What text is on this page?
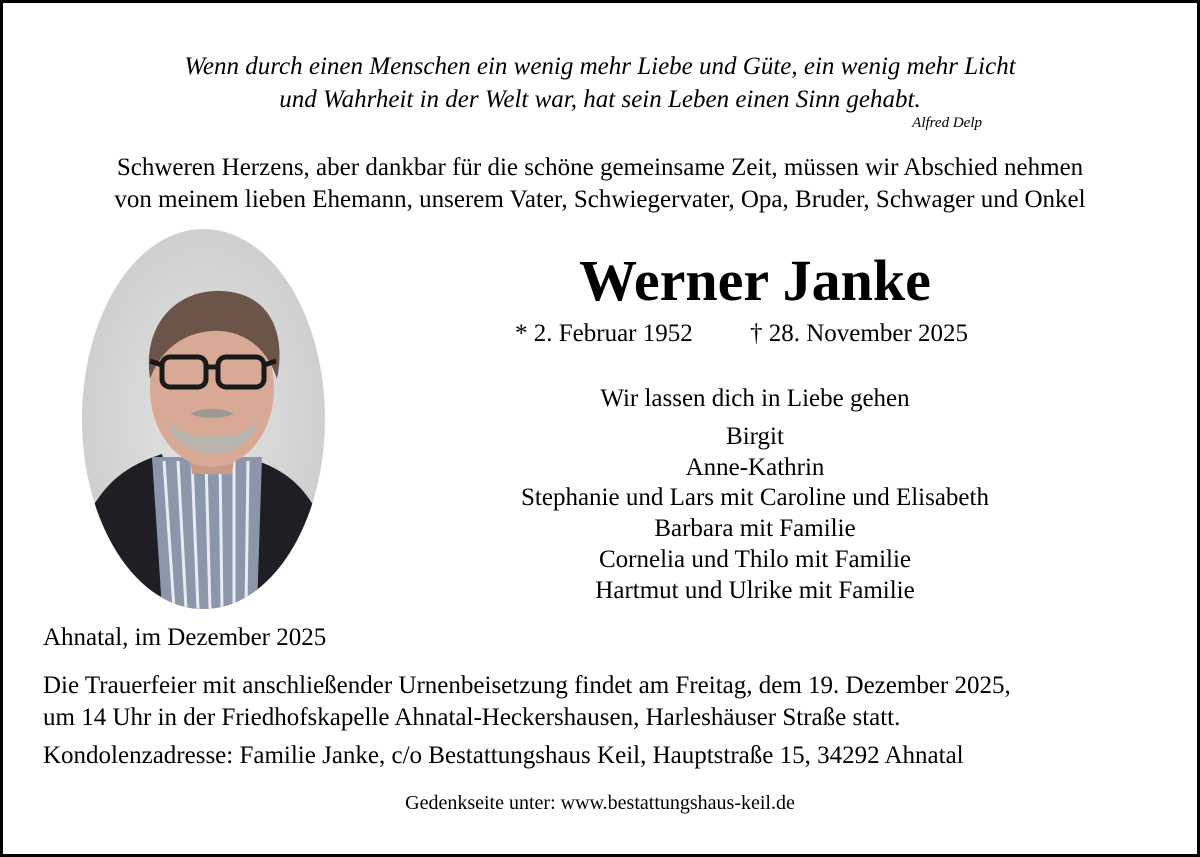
Wenn durch einen Menschen ein wenig mehr Liebe und Güte, ein wenig mehr Licht
und Wahrheit in der Welt war, hat sein Leben einen Sinn gehabt.
Alfred Delp
Schweren Herzens, aber dankbar für die schöne gemeinsame Zeit, müssen wir Abschied nehmen
von meinem lieben Ehemann, unserem Vater, Schwiegervater, Opa, Bruder, Schwager und Onkel
Werner Janke
* 2. Februar 1952 † 28. November 2025
Wir lassen dich in Liebe gehen
Birgit
Anne-Kathrin
Stephanie und Lars mit Caroline und Elisabeth
Barbara mit Familie
Cornelia und Thilo mit Familie
Hartmut und Ulrike mit Familie
Ahnatal, im Dezember 2025
Die Trauerfeier mit anschließender Urnenbeisetzung findet am Freitag, dem 19. Dezember 2025,
um 14 Uhr in der Friedhofskapelle Ahnatal-Heckershausen, Harleshäuser Straße statt.
Kondolenzadresse: Familie Janke, c/o Bestattungshaus Keil, Hauptstraße 15, 34292 Ahnatal
Gedenkseite unter: www.bestattungshaus-keil.de
